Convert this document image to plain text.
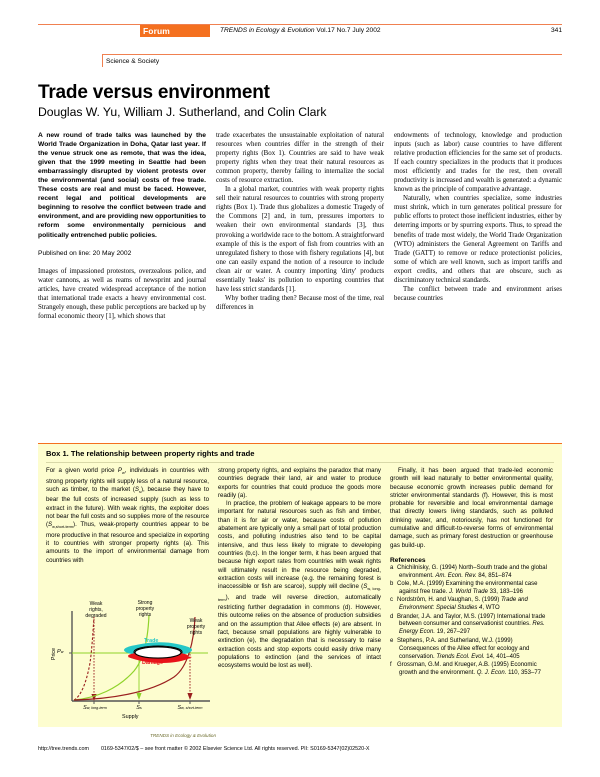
Forum	TRENDS in Ecology & Evolution Vol.17 No.7 July 2002	341
Science & Society
Trade versus environment
Douglas W. Yu, William J. Sutherland, and Colin Clark

A new round of trade talks was launched by the World Trade Organization in Doha, Qatar last year. If the venue struck one as remote, that was the idea, given that the 1999 meeting in Seattle had been embarrassingly disrupted by violent protests over the environmental (and social) costs of free trade. These costs are real and must be faced. However, recent legal and political developments are beginning to resolve the conflict between trade and environment, and are providing new opportunities to reform some environmentally pernicious and politically entrenched public policies.

Published on line: 20 May 2002

Images of impassioned protestors, overzealous police, and water cannons, as well as reams of newsprint and journal articles, have created widespread acceptance of the notion that international trade exacts a heavy environmental cost. Strangely enough, these public perceptions are backed up by formal economic theory [1], which shows that

trade exacerbates the unsustainable exploitation of natural resources when countries differ in the strength of their property rights (Box 1). Countries are said to have weak property rights when they treat their natural resources as common property, thereby failing to internalize the social costs of resource extraction.

In a global market, countries with weak property rights sell their natural resources to countries with strong property rights (Box 1). Trade thus globalizes a domestic Tragedy of the Commons [2] and, in turn, pressures importers to weaken their own environmental standards [3], thus provoking a worldwide race to the bottom. A straightforward example of this is the export of fish from countries with an unregulated fishery to those with fishery regulations [4], but one can easily expand the notion of a resource to include clean air or water. A country importing 'dirty' products essentially 'leaks' its pollution to exporting countries that have less strict standards [1].

Why bother trading then? Because most of the time, real differences in

endowments of technology, knowledge and production inputs (such as labor) cause countries to have different relative production efficiencies for the same set of products. If each country specializes in the products that it produces most efficiently and trades for the rest, then overall productivity is increased and wealth is generated: a dynamic known as the principle of comparative advantage.

Naturally, when countries specialize, some industries must shrink, which in turn generates political pressure for public efforts to protect those inefficient industries, either by deterring imports or by spurring exports. Thus, to spread the benefits of trade most widely, the World Trade Organization (WTO) administers the General Agreement on Tariffs and Trade (GATT) to remove or reduce protectionist policies, some of which are well known, such as import tariffs and export credits, and others that are obscure, such as discriminatory technical standards.

The conflict between trade and environment arises because countries

Box 1. The relationship between property rights and trade

For a given world price $P_w$, individuals in countries with strong property rights will supply less of a natural resource, such as timber, to the market $(S_s)$, because they have to bear the full costs of increased supply (such as less to extract in the future). With weak rights, the exploiter does not bear the full costs and so supplies more of the resource $(S_{w,short-term})$. Thus, weak-property countries appear to be more productive in that resource and specialize in exporting it to countries with stronger property rights (a). This amounts to the import of environmental damage from countries with

Weak
rights,
degraded
Strong
property
rights
Weak
property
rights
Trade
Damage
Price Pw
Supply
Sw, long-term	Ss	Sw, short-term
TRENDS in Ecology & Evolution

strong property rights, and explains the paradox that many countries degrade their land, air and water to produce exports for countries that could produce the goods more readily (a).

In practice, the problem of leakage appears to be more important for natural resources such as fish and timber, than it is for air or water, because costs of pollution abatement are typically only a small part of total production costs, and polluting industries also tend to be capital intensive, and thus less likely to migrate to developing countries (b,c). In the longer term, it has been argued that because high export rates from countries with weak rights will ultimately result in the resource being degraded, extraction costs will increase (e.g. the remaining forest is inaccessible or fish are scarce), supply will decline $(S_{w, long-term})$, and trade will reverse direction, automatically restricting further degradation in commons (d). However, this outcome relies on the absence of production subsidies and on the assumption that Allee effects (e) are absent. In fact, because small populations are highly vulnerable to extinction (e), the degradation that is necessary to raise extraction costs and stop exports could easily drive many populations to extinction (and the services of intact ecosystems would be lost as well).

Finally, it has been argued that trade-led economic growth will lead naturally to better environmental quality, because economic growth increases public demand for stricter environmental standards (f). However, this is most probable for reversible and local environmental damage that directly lowers living standards, such as polluted drinking water, and, notoriously, has not functioned for cumulative and difficult-to-reverse forms of environmental damage, such as primary forest destruction or greenhouse gas build-up.

References
a Chichilnisky, G. (1994) North–South trade and the global environment. Am. Econ. Rev. 84, 851–874
b Cole, M.A. (1999) Examining the environmental case against free trade. J. World Trade 33, 183–196
c Nordstrôm, H. and Vaughan, S. (1999) Trade and Environment: Special Studies 4, WTO
d Brander, J.A. and Taylor, M.S. (1997) International trade between consumer and conservationist countries. Res. Energy Econ. 19, 267–297
e Stephens, P.A. and Sutherland, W.J. (1999) Consequences of the Allee effect for ecology and conservation. Trends Ecol. Evol. 14, 401–405
f Grossman, G.M. and Krueger, A.B. (1995) Economic growth and the environment. Q. J. Econ. 110, 353–77
http://tree.trends.com 0169-5347/02/$ – see front matter © 2002 Elsevier Science Ltd. All rights reserved. PII: S0169-5347(02)02520-X
